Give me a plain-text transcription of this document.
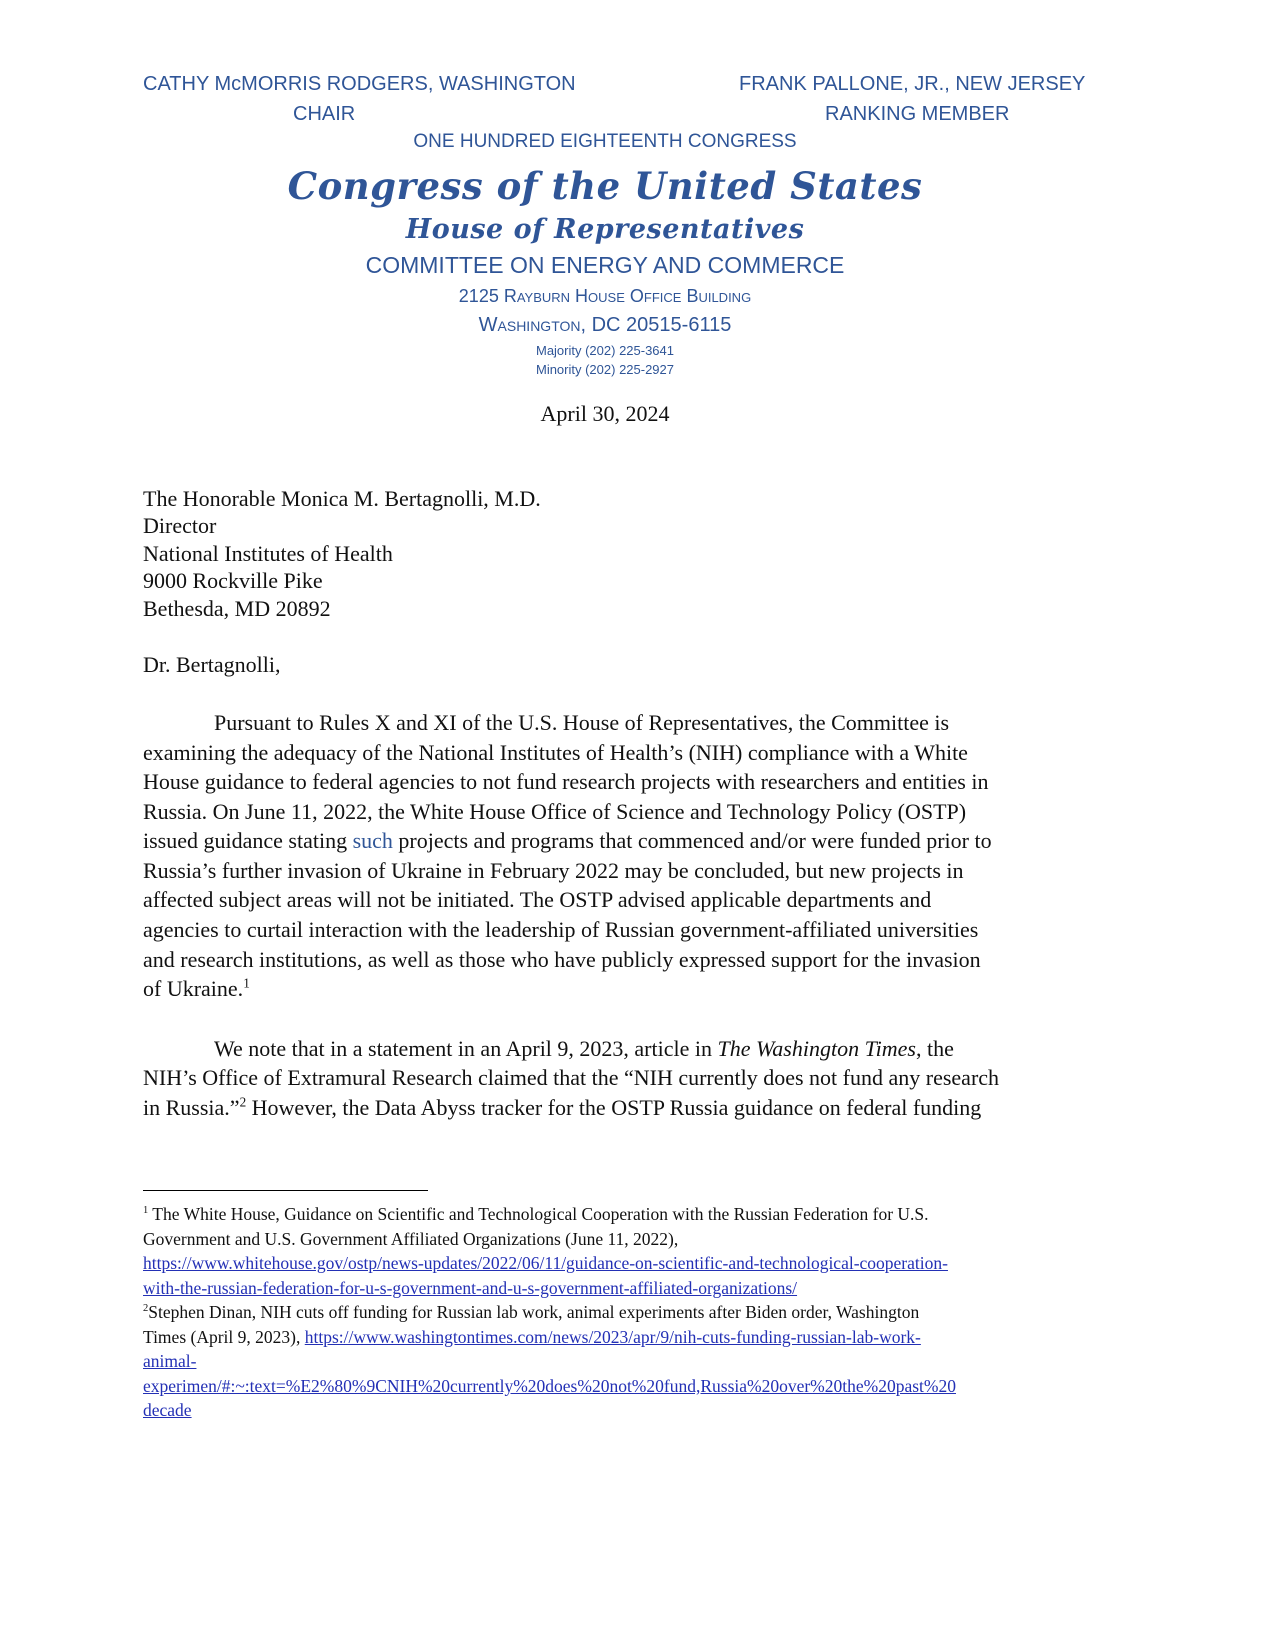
CATHY McMORRIS RODGERS, WASHINGTON
CHAIR
FRANK PALLONE, JR., NEW JERSEY
RANKING MEMBER
ONE HUNDRED EIGHTEENTH CONGRESS
Congress of the United States
House of Representatives
COMMITTEE ON ENERGY AND COMMERCE
2125 Rayburn House Office Building
Washington, DC 20515-6115
Majority (202) 225-3641
Minority (202) 225-2927
April 30, 2024
The Honorable Monica M. Bertagnolli, M.D.
Director
National Institutes of Health
9000 Rockville Pike
Bethesda, MD 20892
Dr. Bertagnolli,
Pursuant to Rules X and XI of the U.S. House of Representatives, the Committee is
examining the adequacy of the National Institutes of Health’s (NIH) compliance with a White
House guidance to federal agencies to not fund research projects with researchers and entities in
Russia. On June 11, 2022, the White House Office of Science and Technology Policy (OSTP)
issued guidance stating such projects and programs that commenced and/or were funded prior to
Russia’s further invasion of Ukraine in February 2022 may be concluded, but new projects in
affected subject areas will not be initiated. The OSTP advised applicable departments and
agencies to curtail interaction with the leadership of Russian government-affiliated universities
and research institutions, as well as those who have publicly expressed support for the invasion
of Ukraine.$^1$
We note that in a statement in an April 9, 2023, article in The Washington Times, the
NIH’s Office of Extramural Research claimed that the “NIH currently does not fund any research
in Russia.”$^2$ However, the Data Abyss tracker for the OSTP Russia guidance on federal funding
$^1$ The White House, Guidance on Scientific and Technological Cooperation with the Russian Federation for U.S.
Government and U.S. Government Affiliated Organizations (June 11, 2022),
https://www.whitehouse.gov/ostp/news-updates/2022/06/11/guidance-on-scientific-and-technological-cooperation-
with-the-russian-federation-for-u-s-government-and-u-s-government-affiliated-organizations/
$^2$Stephen Dinan, NIH cuts off funding for Russian lab work, animal experiments after Biden order, Washington
Times (April 9, 2023), https://www.washingtontimes.com/news/2023/apr/9/nih-cuts-funding-russian-lab-work-
animal-
experimen/#:~:text=%E2%80%9CNIH%20currently%20does%20not%20fund,Russia%20over%20the%20past%20
decade
